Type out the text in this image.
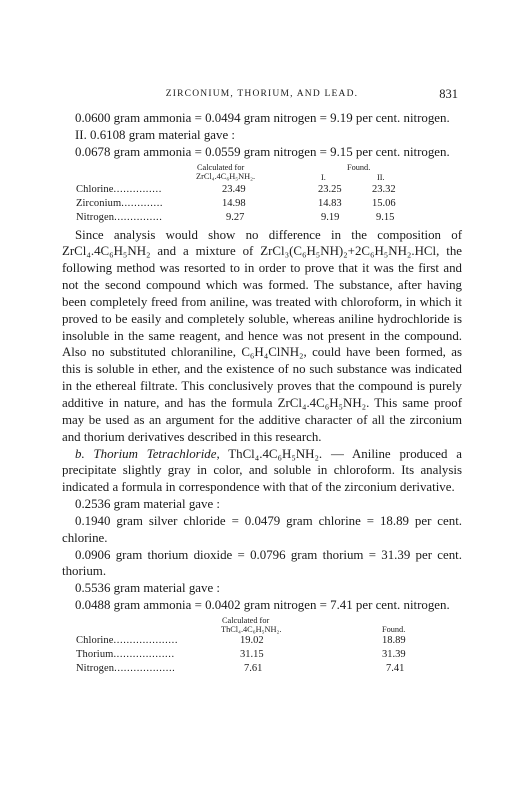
ZIRCONIUM, THORIUM, AND LEAD.	831

0.0600 gram ammonia = 0.0494 gram nitrogen = 9.19 per cent. nitrogen.

II. 0.6108 gram material gave :

0.0678 gram ammonia = 0.0559 gram nitrogen = 9.15 per cent. nitrogen.

Calculated for
ZrCl₄.4C₆H₅NH₂.
Found.
I.	II.
Chlorine...............	23.49	23.25	23.32
Zirconium.............	14.98	14.83	15.06
Nitrogen...............	9.27	9.19	9.15

Since analysis would show no difference in the composition of ZrCl₄.4C₆H₅NH₂ and a mixture of ZrCl₃(C₆H₅NH)₂+2C₆H₅NH₂.HCl, the following method was resorted to in order to prove that it was the first and not the second compound which was formed. The substance, after having been completely freed from aniline, was treated with chloroform, in which it proved to be easily and completely soluble, whereas aniline hydrochloride is insoluble in the same reagent, and hence was not present in the compound. Also no substituted chloraniline, C₆H₄ClNH₂, could have been formed, as this is soluble in ether, and the existence of no such substance was indicated in the ethereal filtrate. This conclusively proves that the compound is purely additive in nature, and has the formula ZrCl₄.4C₆H₅NH₂. This same proof may be used as an argument for the additive character of all the zirconium and thorium derivatives described in this research.

b. Thorium Tetrachloride, ThCl₄.4C₆H₅NH₂. — Aniline produced a precipitate slightly gray in color, and soluble in chloroform. Its analysis indicated a formula in correspondence with that of the zirconium derivative.

0.2536 gram material gave :

0.1940 gram silver chloride = 0.0479 gram chlorine = 18.89 per cent. chlorine.

0.0906 gram thorium dioxide = 0.0796 gram thorium = 31.39 per cent. thorium.

0.5536 gram material gave :

0.0488 gram ammonia = 0.0402 gram nitrogen = 7.41 per cent. nitrogen.

Calculated for
ThCl₄.4C₆H₅NH₂.	Found.
Chlorine....................	19.02	18.89
Thorium...................	31.15	31.39
Nitrogen...................	7.61	7.41
